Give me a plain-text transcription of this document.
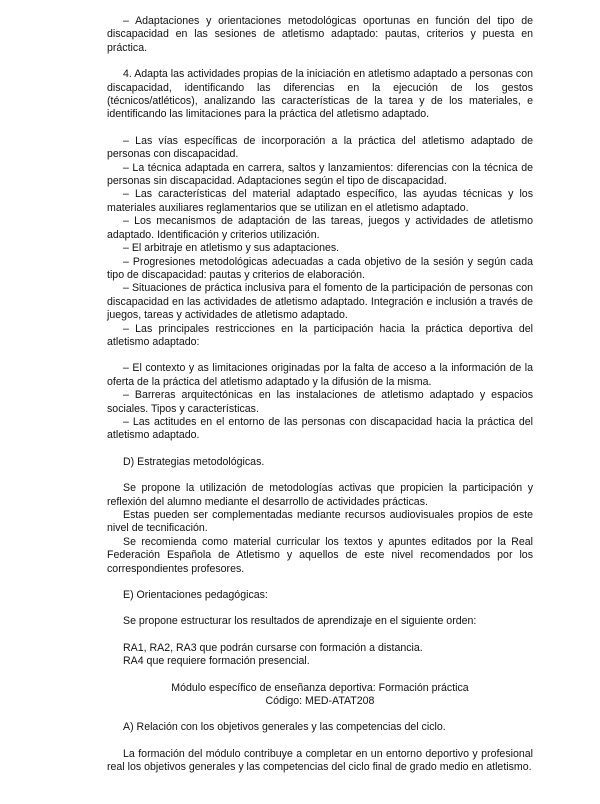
– Adaptaciones y orientaciones metodológicas oportunas en función del tipo de discapacidad en las sesiones de atletismo adaptado: pautas, criterios y puesta en práctica.

4. Adapta las actividades propias de la iniciación en atletismo adaptado a personas con discapacidad, identificando las diferencias en la ejecución de los gestos (técnicos/atléticos), analizando las características de la tarea y de los materiales, e identificando las limitaciones para la práctica del atletismo adaptado.

– Las vías específicas de incorporación a la práctica del atletismo adaptado de personas con discapacidad.

– La técnica adaptada en carrera, saltos y lanzamientos: diferencias con la técnica de personas sin discapacidad. Adaptaciones según el tipo de discapacidad.

– Las características del material adaptado específico, las ayudas técnicas y los materiales auxiliares reglamentarios que se utilizan en el atletismo adaptado.

– Los mecanismos de adaptación de las tareas, juegos y actividades de atletismo adaptado. Identificación y criterios utilización.

– El arbitraje en atletismo y sus adaptaciones.

– Progresiones metodológicas adecuadas a cada objetivo de la sesión y según cada tipo de discapacidad: pautas y criterios de elaboración.

– Situaciones de práctica inclusiva para el fomento de la participación de personas con discapacidad en las actividades de atletismo adaptado. Integración e inclusión a través de juegos, tareas y actividades de atletismo adaptado.

– Las principales restricciones en la participación hacia la práctica deportiva del atletismo adaptado:

– El contexto y as limitaciones originadas por la falta de acceso a la información de la oferta de la práctica del atletismo adaptado y la difusión de la misma.

– Barreras arquitectónicas en las instalaciones de atletismo adaptado y espacios sociales. Tipos y características.

– Las actitudes en el entorno de las personas con discapacidad hacia la práctica del atletismo adaptado.

D) Estrategias metodológicas.

Se propone la utilización de metodologías activas que propicien la participación y reflexión del alumno mediante el desarrollo de actividades prácticas.

Estas pueden ser complementadas mediante recursos audiovisuales propios de este nivel de tecnificación.

Se recomienda como material curricular los textos y apuntes editados por la Real Federación Española de Atletismo y aquellos de este nivel recomendados por los correspondientes profesores.

E) Orientaciones pedagógicas:

Se propone estructurar los resultados de aprendizaje en el siguiente orden:

RA1, RA2, RA3 que podrán cursarse con formación a distancia.

RA4 que requiere formación presencial.

Módulo específico de enseñanza deportiva: Formación práctica

Código: MED-ATAT208

A) Relación con los objetivos generales y las competencias del ciclo.

La formación del módulo contribuye a completar en un entorno deportivo y profesional real los objetivos generales y las competencias del ciclo final de grado medio en atletismo.
